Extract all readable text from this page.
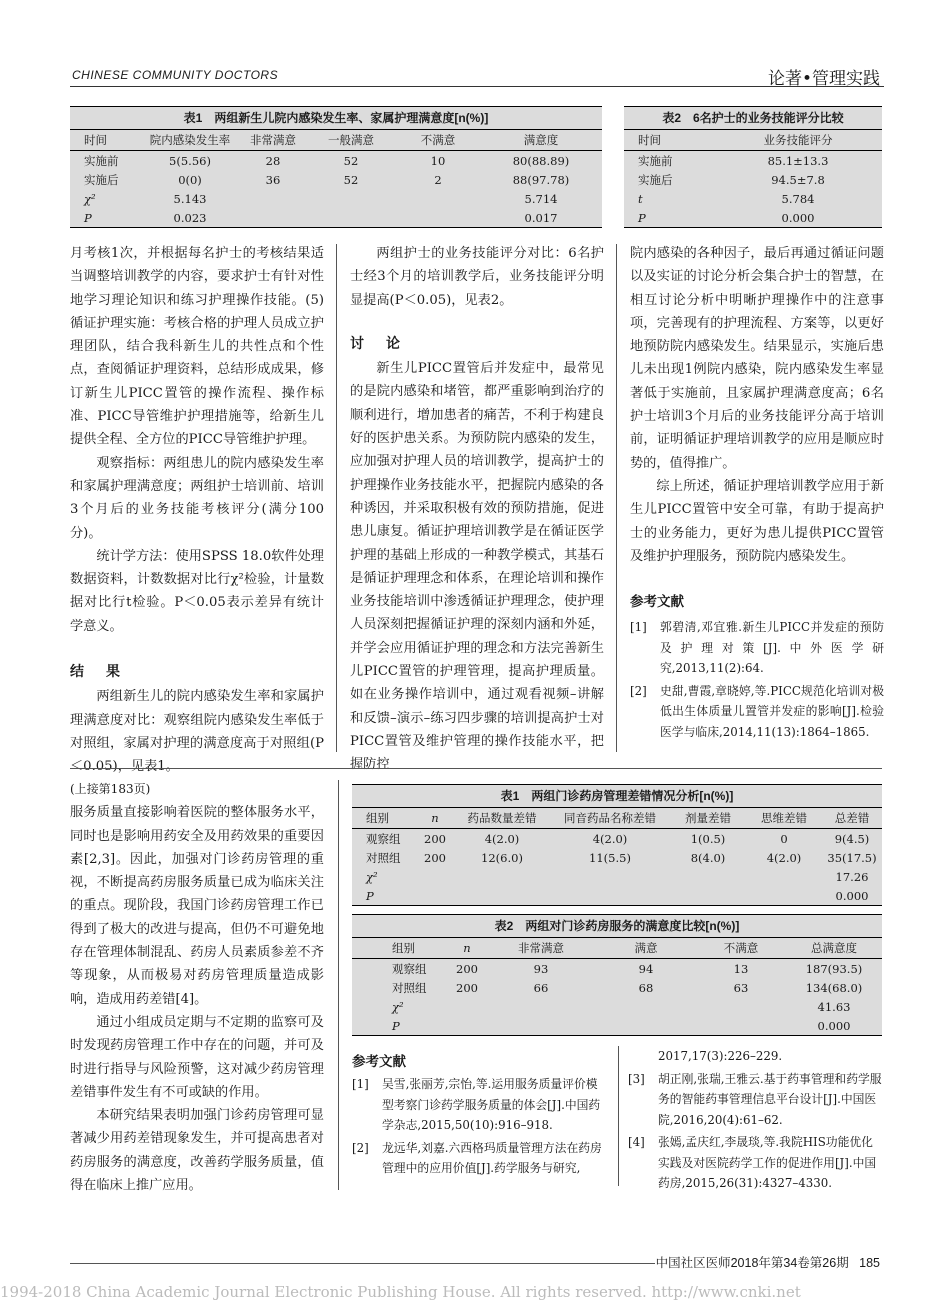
CHINESE COMMUNITY DOCTORS	论著•管理实践
表1　两组新生儿院内感染发生率、家属护理满意度[n(%)]
时间	院内感染发生率	非常满意	一般满意	不满意	满意度
实施前	5(5.56)	28	52	10	80(88.89)
实施后	0(0)	36	52	2	88(97.78)
χ²	5.143				5.714
P	0.023				0.017
表2　6名护士的业务技能评分比较
时间	业务技能评分
实施前	85.1±13.3
实施后	94.5±7.8
t	5.784
P	0.000

月考核1次，并根据每名护士的考核结果适当调整培训教学的内容，要求护士有针对性地学习理论知识和练习护理操作技能。(5)循证护理实施：考核合格的护理人员成立护理团队，结合我科新生儿的共性点和个性点，查阅循证护理资料，总结形成成果，修订新生儿PICC置管的操作流程、操作标准、PICC导管维护护理措施等，给新生儿提供全程、全方位的PICC导管维护护理。

观察指标：两组患儿的院内感染发生率和家属护理满意度；两组护士培训前、培训3个月后的业务技能考核评分(满分100分)。

统计学方法：使用SPSS 18.0软件处理数据资料，计数数据对比行χ²检验，计量数据对比行t检验。P＜0.05表示差异有统计学意义。

结　果

两组新生儿的院内感染发生率和家属护理满意度对比：观察组院内感染发生率低于对照组，家属对护理的满意度高于对照组(P＜0.05)，见表1。

两组护士的业务技能评分对比：6名护士经3个月的培训教学后，业务技能评分明显提高(P＜0.05)，见表2。

讨　论

新生儿PICC置管后并发症中，最常见的是院内感染和堵管，都严重影响到治疗的顺利进行，增加患者的痛苦，不利于构建良好的医护患关系。为预防院内感染的发生，应加强对护理人员的培训教学，提高护士的护理操作业务技能水平，把握院内感染的各种诱因，并采取积极有效的预防措施，促进患儿康复。循证护理培训教学是在循证医学护理的基础上形成的一种教学模式，其基石是循证护理理念和体系，在理论培训和操作业务技能培训中渗透循证护理理念，使护理人员深刻把握循证护理的深刻内涵和外延，并学会应用循证护理的理念和方法完善新生儿PICC置管的护理管理，提高护理质量。如在业务操作培训中，通过观看视频–讲解和反馈–演示–练习四步骤的培训提高护士对PICC置管及维护管理的操作技能水平，把握防控

院内感染的各种因子，最后再通过循证问题以及实证的讨论分析会集合护士的智慧，在相互讨论分析中明晰护理操作中的注意事项，完善现有的护理流程、方案等，以更好地预防院内感染发生。结果显示，实施后患儿未出现1例院内感染，院内感染发生率显著低于实施前，且家属护理满意度高；6名护士培训3个月后的业务技能评分高于培训前，证明循证护理培训教学的应用是顺应时势的，值得推广。

综上所述，循证护理培训教学应用于新生儿PICC置管中安全可靠，有助于提高护士的业务能力，更好为患儿提供PICC置管及维护护理服务，预防院内感染发生。

参考文献
[1] 郭碧清,邓宜雅.新生儿PICC并发症的预防及护理对策[J].中外医学研究,2013,11(2):64.
[2] 史甜,曹霞,章晓婷,等.PICC规范化培训对极低出生体质量儿置管并发症的影响[J].检验医学与临床,2014,11(13):1864–1865.

(上接第183页)

服务质量直接影响着医院的整体服务水平，同时也是影响用药安全及用药效果的重要因素[2,3]。因此，加强对门诊药房管理的重视，不断提高药房服务质量已成为临床关注的重点。现阶段，我国门诊药房管理工作已得到了极大的改进与提高，但仍不可避免地存在管理体制混乱、药房人员素质参差不齐等现象，从而极易对药房管理质量造成影响，造成用药差错[4]。

通过小组成员定期与不定期的监察可及时发现药房管理工作中存在的问题，并可及时进行指导与风险预警，这对减少药房管理差错事件发生有不可或缺的作用。

本研究结果表明加强门诊药房管理可显著减少用药差错现象发生，并可提高患者对药房服务的满意度，改善药学服务质量，值得在临床上推广应用。

表1　两组门诊药房管理差错情况分析[n(%)]
组别	n	药品数量差错	同音药品名称差错	剂量差错	思维差错	总差错
观察组	200	4(2.0)	4(2.0)	1(0.5)	0	9(4.5)
对照组	200	12(6.0)	11(5.5)	8(4.0)	4(2.0)	35(17.5)
χ²						17.26
P						0.000
表2　两组对门诊药房服务的满意度比较[n(%)]
组别	n	非常满意	满意	不满意	总满意度
观察组	200	93	94	13	187(93.5)
对照组	200	66	68	63	134(68.0)
χ²					41.63
P					0.000
参考文献
[1] 吴雪,张丽芳,宗怡,等.运用服务质量评价模型考察门诊药学服务质量的体会[J].中国药学杂志,2015,50(10):916–918.
[2] 龙远华,刘嘉.六西格玛质量管理方法在药房管理中的应用价值[J].药学服务与研究,
2017,17(3):226–229.
[3] 胡正刚,张瑞,王雅云.基于药事管理和药学服务的智能药事管理信息平台设计[J].中国医院,2016,20(4):61–62.
[4] 张嫣,孟庆红,李晟琰,等.我院HIS功能优化实践及对医院药学工作的促进作用[J].中国药房,2015,26(31):4327–4330.
中国社区医师2018年第34卷第26期 185
1994-2018 China Academic Journal Electronic Publishing House. All rights reserved. http://www.cnki.net
